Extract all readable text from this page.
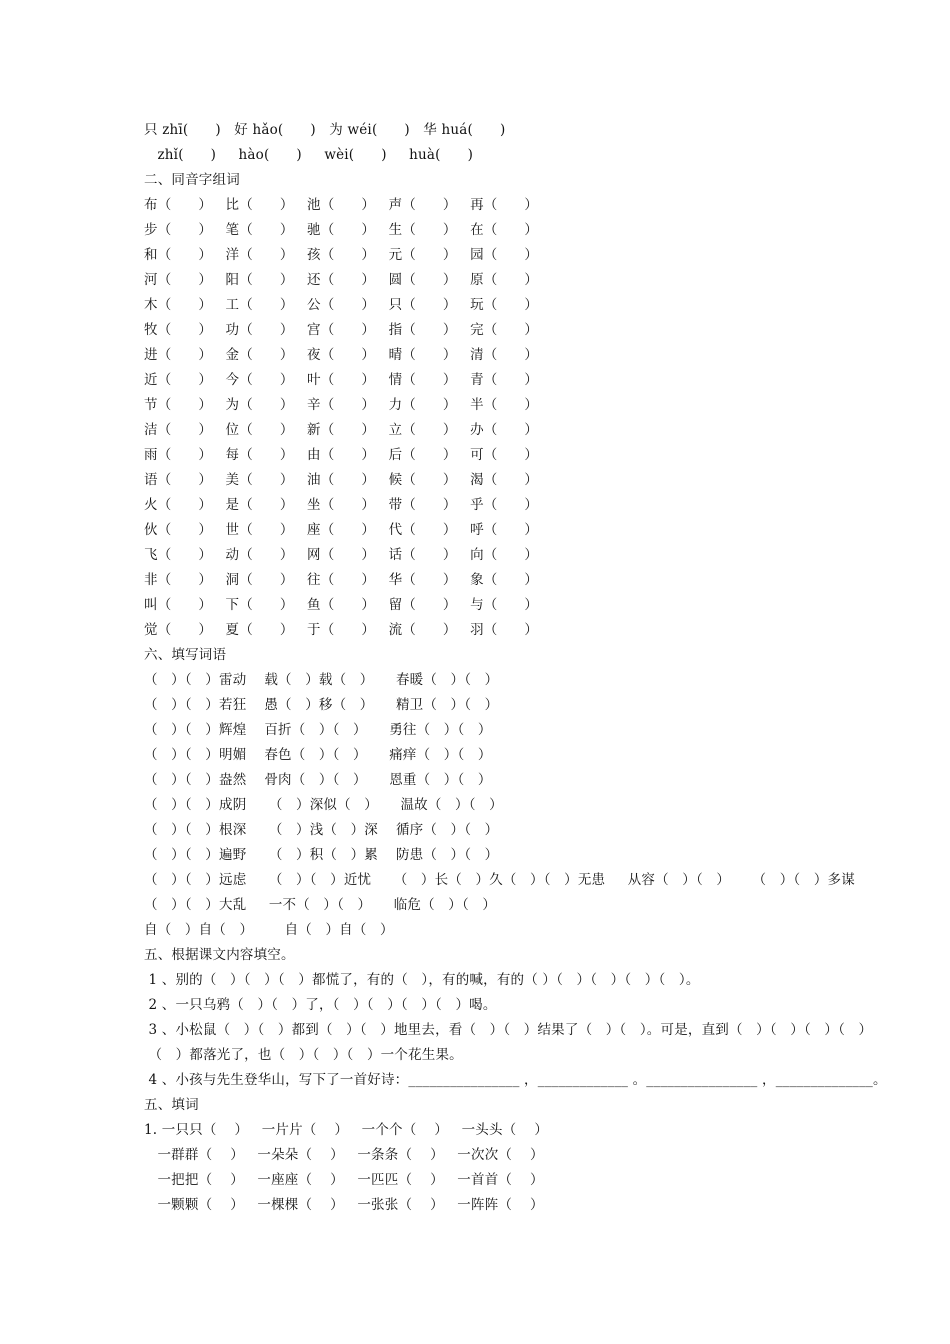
只 zhī(      )   好 hǎo(      )   为 wéi(      )   华 huá(      )
zhǐ(      )     hào(      )     wèi(      )     huà(      )
二、同音字组词
布（      ）   比（      ）   池（      ）   声（      ）   再（      ）
步（      ）   笔（      ）   驰（      ）   生（      ）   在（      ）
和（      ）   洋（      ）   孩（      ）   元（      ）   园（      ）
河（      ）   阳（      ）   还（      ）   圆（      ）   原（      ）
木（      ）   工（      ）   公（      ）   只（      ）   玩（      ）
牧（      ）   功（      ）   宫（      ）   指（      ）   完（      ）
进（      ）   金（      ）   夜（      ）   晴（      ）   清（      ）
近（      ）   今（      ）   叶（      ）   情（      ）   青（      ）
节（      ）   为（      ）   辛（      ）   力（      ）   半（      ）
洁（      ）   位（      ）   新（      ）   立（      ）   办（      ）
雨（      ）   每（      ）   由（      ）   后（      ）   可（      ）
语（      ）   美（      ）   油（      ）   候（      ）   渴（      ）
火（      ）   是（      ）   坐（      ）   带（      ）   乎（      ）
伙（      ）   世（      ）   座（      ）   代（      ）   呼（      ）
飞（      ）   动（      ）   网（      ）   话（      ）   向（      ）
非（      ）   洞（      ）   往（      ）   华（      ）   象（      ）
叫（      ）   下（      ）   鱼（      ）   留（      ）   与（      ）
觉（      ）   夏（      ）   于（      ）   流（      ）   羽（      ）
六、填写词语
（   ）（   ）雷动    载（   ）载（   ）     春暖（   ）（   ）
（   ）（   ）若狂    愚（   ）移（   ）     精卫（   ）（   ）
（   ）（   ）辉煌    百折（   ）（   ）     勇往（   ）（   ）
（   ）（   ）明媚    春色（   ）（   ）     痛痒（   ）（   ）
（   ）（   ）盎然    骨肉（   ）（   ）     恩重（   ）（   ）
（   ）（   ）成阴     （   ）深似（   ）     温故（   ）（   ）
（   ）（   ）根深     （   ）浅（   ）深    循序（   ）（   ）
（   ）（   ）遍野     （   ）积（   ）累    防患（   ）（   ）
（   ）（   ）远虑     （   ）（   ）近忧     （   ）长（   ）久（   ）（   ）无患     从容（   ）（   ）     （   ）（   ）多谋
（   ）（   ）大乱     一不（   ）（   ）     临危（   ）（   ）
自（   ）自（   ）       自（   ）自（   ）
五、根据课文内容填空。
1 、别的（   ）（   ）（   ）都慌了，有的（   ），有的喊，有的（ ）（   ）（   ）（   ）（   ）。
2 、一只乌鸦（   ）（   ）了，（   ）（   ）（   ）（   ）喝。
3 、小松鼠（   ）（   ）都到（   ）（   ）地里去，看（   ）（   ）结果了（   ）（   ）。可是，直到（   ）（   ）（   ）（   ）
（   ）都落光了，也（   ）（   ）（   ）一个花生果。
4 、小孩与先生登华山，写下了一首好诗：________________ ，_____________ 。________________ ，______________。
五、填词
1. 一只只（    ）   一片片（    ）   一个个（    ）   一头头（    ）
一群群（    ）   一朵朵（    ）   一条条（    ）   一次次（    ）
一把把（    ）   一座座（    ）   一匹匹（    ）   一首首（    ）
一颗颗（    ）   一棵棵（    ）   一张张（    ）   一阵阵（    ）
